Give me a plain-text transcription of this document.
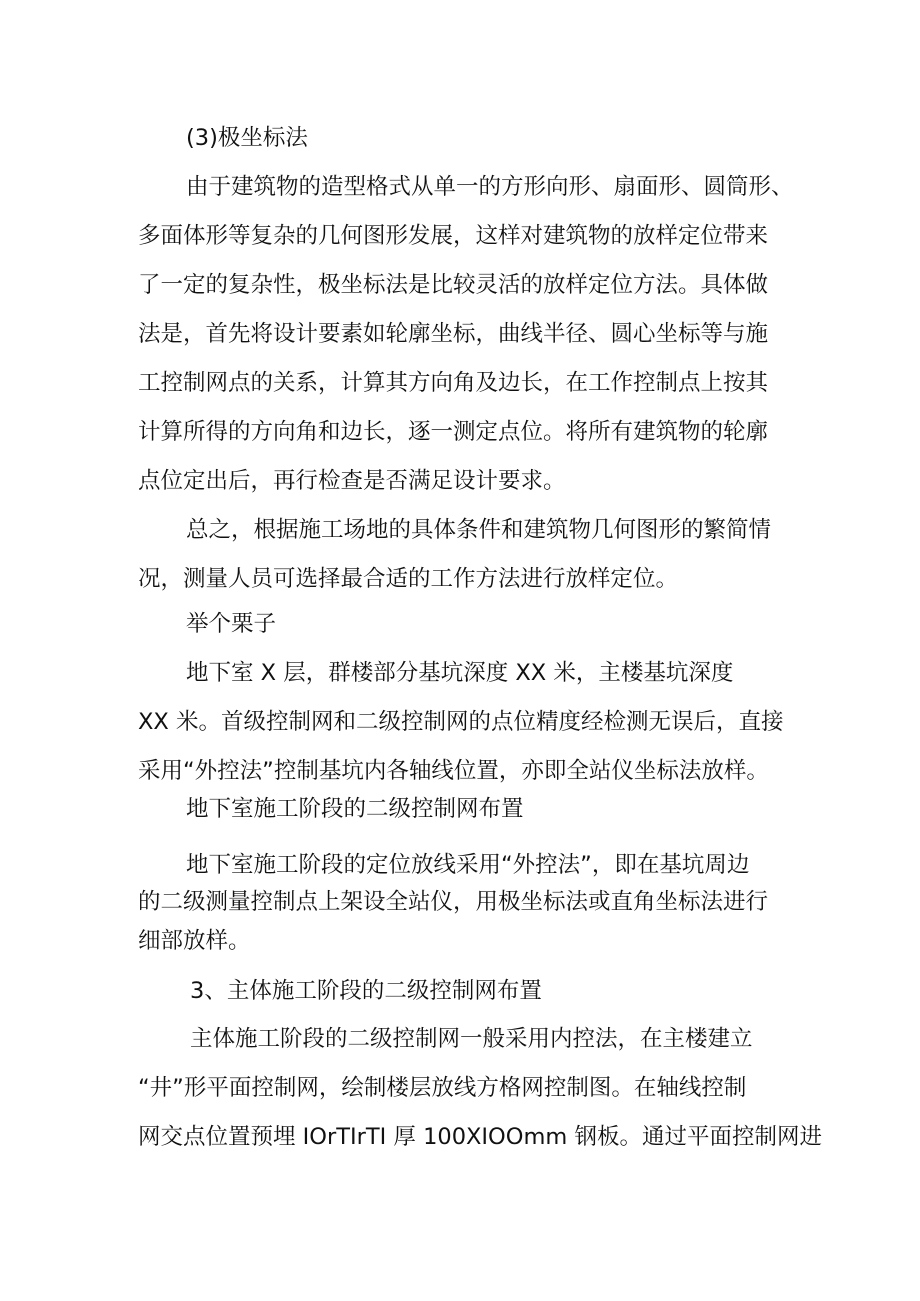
(3)极坐标法
由于建筑物的造型格式从单一的方形向形、扇面形、圆筒形、
多面体形等复杂的几何图形发展，这样对建筑物的放样定位带来
了一定的复杂性，极坐标法是比较灵活的放样定位方法。具体做
法是，首先将设计要素如轮廓坐标，曲线半径、圆心坐标等与施
工控制网点的关系，计算其方向角及边长，在工作控制点上按其
计算所得的方向角和边长，逐一测定点位。将所有建筑物的轮廓
点位定出后，再行检查是否满足设计要求。
总之，根据施工场地的具体条件和建筑物几何图形的繁简情
况，测量人员可选择最合适的工作方法进行放样定位。
举个栗子
地下室 X 层，群楼部分基坑深度 XX 米，主楼基坑深度
XX 米。首级控制网和二级控制网的点位精度经检测无误后，直接
采用“外控法”控制基坑内各轴线位置，亦即全站仪坐标法放样。
地下室施工阶段的二级控制网布置
地下室施工阶段的定位放线采用“外控法”，即在基坑周边
的二级测量控制点上架设全站仪，用极坐标法或直角坐标法进行
细部放样。
3、主体施工阶段的二级控制网布置
主体施工阶段的二级控制网一般采用内控法，在主楼建立
“井”形平面控制网，绘制楼层放线方格网控制图。在轴线控制
网交点位置预埋 IOrTIrTI 厚 100XIOOmm 钢板。通过平面控制网进
